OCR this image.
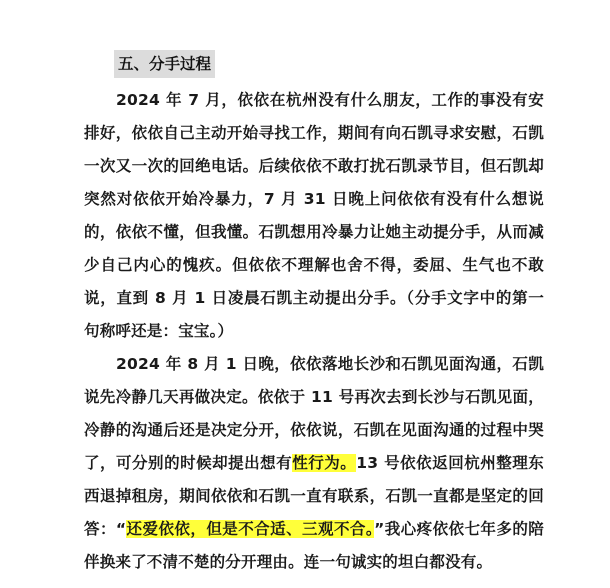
五、分手过程

2024 年 7 月，依依在杭州没有什么朋友，工作的事没有安排好，依依自己主动开始寻找工作，期间有向石凯寻求安慰，石凯一次又一次的回绝电话。后续依依不敢打扰石凯录节目，但石凯却突然对依依开始冷暴力，7 月 31 日晚上问依依有没有什么想说的，依依不懂，但我懂。石凯想用冷暴力让她主动提分手，从而减少自己内心的愧疚。但依依不理解也舍不得，委屈、生气也不敢说，直到 8 月 1 日凌晨石凯主动提出分手。（分手文字中的第一句称呼还是：宝宝。）

2024 年 8 月 1 日晚，依依落地长沙和石凯见面沟通，石凯说先冷静几天再做决定。依依于 11 号再次去到长沙与石凯见面，冷静的沟通后还是决定分开，依依说，石凯在见面沟通的过程中哭了，可分别的时候却提出想有性行为。13 号依依返回杭州整理东西退掉租房，期间依依和石凯一直有联系，石凯一直都是坚定的回答：“还爱依依，但是不合适、三观不合。”我心疼依依七年多的陪伴换来了不清不楚的分开理由。连一句诚实的坦白都没有。
